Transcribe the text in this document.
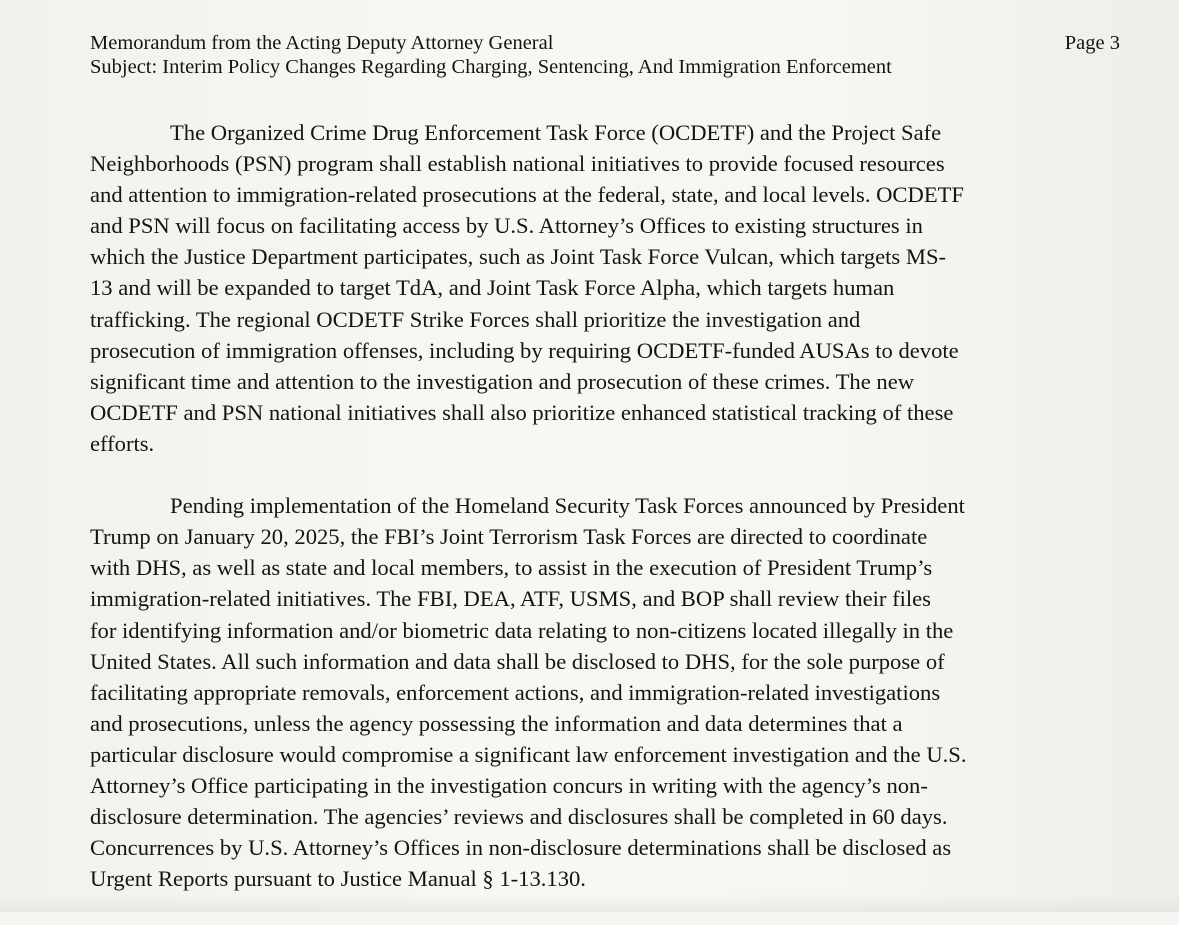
Memorandum from the Acting Deputy Attorney General
Subject: Interim Policy Changes Regarding Charging, Sentencing, And Immigration Enforcement
Page 3
The Organized Crime Drug Enforcement Task Force (OCDETF) and the Project Safe
Neighborhoods (PSN) program shall establish national initiatives to provide focused resources
and attention to immigration-related prosecutions at the federal, state, and local levels. OCDETF
and PSN will focus on facilitating access by U.S. Attorney’s Offices to existing structures in
which the Justice Department participates, such as Joint Task Force Vulcan, which targets MS-
13 and will be expanded to target TdA, and Joint Task Force Alpha, which targets human
trafficking. The regional OCDETF Strike Forces shall prioritize the investigation and
prosecution of immigration offenses, including by requiring OCDETF-funded AUSAs to devote
significant time and attention to the investigation and prosecution of these crimes. The new
OCDETF and PSN national initiatives shall also prioritize enhanced statistical tracking of these
efforts.
Pending implementation of the Homeland Security Task Forces announced by President
Trump on January 20, 2025, the FBI’s Joint Terrorism Task Forces are directed to coordinate
with DHS, as well as state and local members, to assist in the execution of President Trump’s
immigration-related initiatives. The FBI, DEA, ATF, USMS, and BOP shall review their files
for identifying information and/or biometric data relating to non-citizens located illegally in the
United States. All such information and data shall be disclosed to DHS, for the sole purpose of
facilitating appropriate removals, enforcement actions, and immigration-related investigations
and prosecutions, unless the agency possessing the information and data determines that a
particular disclosure would compromise a significant law enforcement investigation and the U.S.
Attorney’s Office participating in the investigation concurs in writing with the agency’s non-
disclosure determination. The agencies’ reviews and disclosures shall be completed in 60 days.
Concurrences by U.S. Attorney’s Offices in non-disclosure determinations shall be disclosed as
Urgent Reports pursuant to Justice Manual § 1-13.130.
